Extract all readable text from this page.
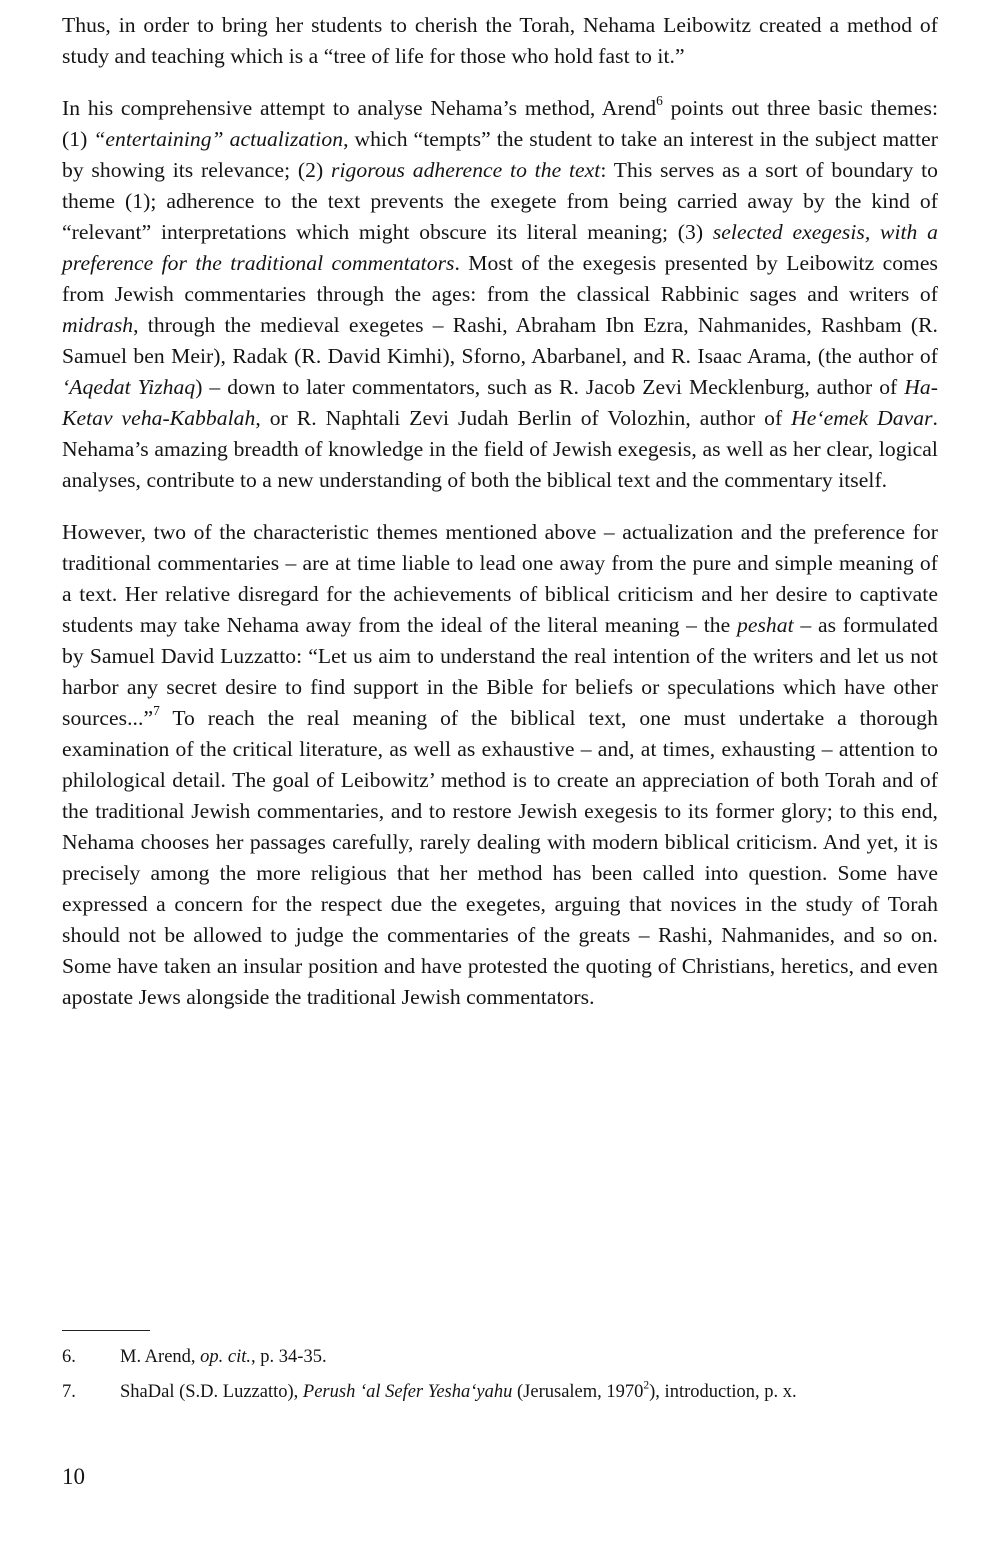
Thus, in order to bring her students to cherish the Torah, Nehama Leibowitz created a method of study and teaching which is a “tree of life for those who hold fast to it.”

In his comprehensive attempt to analyse Nehama’s method, Arend$^6$ points out three basic themes: (1) “entertaining” actualization, which “tempts” the student to take an interest in the subject matter by showing its relevance; (2) rigorous adherence to the text: This serves as a sort of boundary to theme (1); adherence to the text prevents the exegete from being carried away by the kind of “relevant” interpretations which might obscure its literal meaning; (3) selected exegesis, with a preference for the traditional commentators. Most of the exegesis presented by Leibowitz comes from Jewish commentaries through the ages: from the classical Rabbinic sages and writers of midrash, through the medieval exegetes – Rashi, Abraham Ibn Ezra, Nahmanides, Rashbam (R. Samuel ben Meir), Radak (R. David Kimhi), Sforno, Abarbanel, and R. Isaac Arama, (the author of ‘Aqedat Yizhaq) – down to later commentators, such as R. Jacob Zevi Mecklenburg, author of Ha-Ketav veha-Kabbalah, or R. Naphtali Zevi Judah Berlin of Volozhin, author of He‘emek Davar. Nehama’s amazing breadth of knowledge in the field of Jewish exegesis, as well as her clear, logical analyses, contribute to a new understanding of both the biblical text and the commentary itself.

However, two of the characteristic themes mentioned above – actualization and the preference for traditional commentaries – are at time liable to lead one away from the pure and simple meaning of a text. Her relative disregard for the achievements of biblical criticism and her desire to captivate students may take Nehama away from the ideal of the literal meaning – the peshat – as formulated by Samuel David Luzzatto: “Let us aim to understand the real intention of the writers and let us not harbor any secret desire to find support in the Bible for beliefs or speculations which have other sources...”$^7$ To reach the real meaning of the biblical text, one must undertake a thorough examination of the critical literature, as well as exhaustive – and, at times, exhausting – attention to philological detail. The goal of Leibowitz’ method is to create an appreciation of both Torah and of the traditional Jewish commentaries, and to restore Jewish exegesis to its former glory; to this end, Nehama chooses her passages carefully, rarely dealing with modern biblical criticism. And yet, it is precisely among the more religious that her method has been called into question. Some have expressed a concern for the respect due the exegetes, arguing that novices in the study of Torah should not be allowed to judge the commentaries of the greats – Rashi, Nahmanides, and so on. Some have taken an insular position and have protested the quoting of Christians, heretics, and even apostate Jews alongside the traditional Jewish commentators.

6.	M. Arend, op. cit., p. 34-35.
7.	ShaDal (S.D. Luzzatto), Perush ‘al Sefer Yesha‘yahu (Jerusalem, 1970$^2$), introduction, p. x.
10
